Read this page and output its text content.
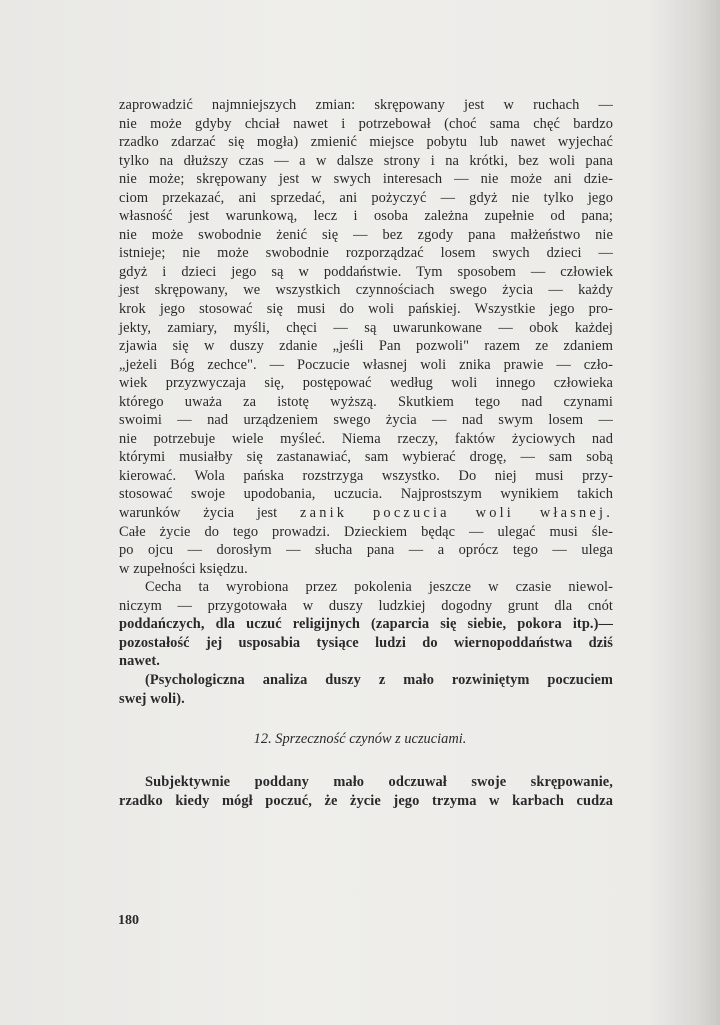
zaprowadzić najmniejszych zmian: skrępowany jest w ruchach —
nie może gdyby chciał nawet i potrzebował (choć sama chęć bardzo
rzadko zdarzać się mogła) zmienić miejsce pobytu lub nawet wyjechać
tylko na dłuższy czas — a w dalsze strony i na krótki, bez woli pana
nie może; skrępowany jest w swych interesach — nie może ani dzie-
ciom przekazać, ani sprzedać, ani pożyczyć — gdyż nie tylko jego
własność jest warunkową, lecz i osoba zależna zupełnie od pana;
nie może swobodnie żenić się — bez zgody pana małżeństwo nie
istnieje; nie może swobodnie rozporządzać losem swych dzieci —
gdyż i dzieci jego są w poddaństwie. Tym sposobem — człowiek
jest skrępowany, we wszystkich czynnościach swego życia — każdy
krok jego stosować się musi do woli pańskiej. Wszystkie jego pro-
jekty, zamiary, myśli, chęci — są uwarunkowane — obok każdej
zjawia się w duszy zdanie „jeśli Pan pozwoli" razem ze zdaniem
„jeżeli Bóg zechce". — Poczucie własnej woli znika prawie — czło-
wiek przyzwyczaja się, postępować według woli innego człowieka
którego uważa za istotę wyższą. Skutkiem tego nad czynami
swoimi — nad urządzeniem swego życia — nad swym losem —
nie potrzebuje wiele myśleć. Niema rzeczy, faktów życiowych nad
którymi musiałby się zastanawiać, sam wybierać drogę, — sam sobą
kierować. Wola pańska rozstrzyga wszystko. Do niej musi przy-
stosować swoje upodobania, uczucia. Najprostszym wynikiem takich
warunków życia jest zanik poczucia woli własnej.
Całe życie do tego prowadzi. Dzieckiem będąc — ulegać musi śle-
po ojcu — dorosłym — słucha pana — a oprócz tego — ulega
w zupełności księdzu.
Cecha ta wyrobiona przez pokolenia jeszcze w czasie niewol-
niczym — przygotowała w duszy ludzkiej dogodny grunt dla cnót
poddańczych, dla uczuć religijnych (zaparcia się siebie, pokora itp.)—
pozostałość jej usposabia tysiące ludzi do wiernopoddaństwa dziś
nawet.
(Psychologiczna analiza duszy z mało rozwiniętym poczuciem
swej woli).
12. Sprzeczność czynów z uczuciami.
Subjektywnie poddany mało odczuwał swoje skrępowanie,
rzadko kiedy mógł poczuć, że życie jego trzyma w karbach cudza
180
